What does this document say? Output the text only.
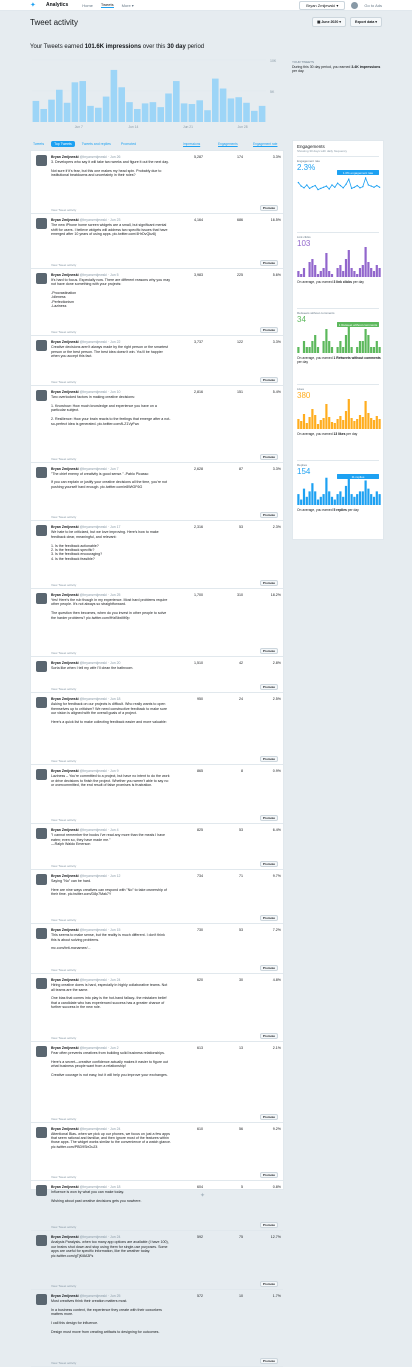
✦	Analytics	Home Tweets More ▾	Bryan Zmijewski ▾	Go to Ads
Tweet activity	▦ June 2020 ▾	Export data ▾
Your Tweets earned 101.6K impressions over this 30 day period
10K
5K
Jun 7	Jun 14	Jun 21	Jun 28
YOUR TWEETS
During this 30 day period, you earned 3.4K impressions per day.
Tweets	Top Tweets	Tweets and replies	Promoted	Impressions	Engagements	Engagement rate
Bryan Zmijewski @bryanzmijewski · Jun 26
3. Developers who say it will take two weeks and figure it out the next day.

Not sure if it's fear, but this one makes my head spin. Probably due to institutional beatdowns and uncertainty in their roles?
View Tweet activity
5,287	174	3.3%
Promote
Bryan Zmijewski @bryanzmijewski · Jun 23
The new iPhone home screen widgets are a small, but significant mental shift for users. I believe widgets will address two specific issues that have emerged after 10 years of using apps. pic.twitter.com/4HrDvQkz8j
View Tweet activity
4,164	686	16.5%
Promote
Bryan Zmijewski @bryanzmijewski · Jun 5
It's hard to focus. Especially now. There are different reasons why you may not have done something with your projects:

-Procrastination
-Idleness
-Perfectionism
-Laziness
View Tweet activity
3,983	225	5.6%
Promote
Bryan Zmijewski @bryanzmijewski · Jun 22
Creative decisions aren't always made by the right person or the smartest person or the best person. The best idea doesn't win. You'll be happier when you accept this fact.
View Tweet activity
3,737	122	3.3%
Promote
Bryan Zmijewski @bryanzmijewski · Jun 10
Two overlooked factors in making creative decisions:

1. Knowhow: How much knowledge and experience you have on a particular subject.

2. Resilience: How your brain reacts to the feelings that emerge after a not-so-perfect idea is generated. pic.twitter.com/tLZ1VyFwc
View Tweet activity
2,816	151	5.4%
Promote
Bryan Zmijewski @bryanzmijewski · Jun 7
"The chief enemy of creativity is good sense." -Pablo Picasso

If you can explain or justify your creative decisions all the time, you're not pushing yourself hard enough. pic.twitter.com/e8WtGF6G
View Tweet activity
2,628	87	3.3%
Promote
Bryan Zmijewski @bryanzmijewski · Jun 17
We hate to be criticized, but we love improving. Here's how to make feedback clear, meaningful, and relevant:

1. Is the feedback actionable?
2. Is the feedback specific?
3. Is the feedback encouraging?
4. Is the feedback feasible?
View Tweet activity
2,316	53	2.3%
Promote
Bryan Zmijewski @bryanzmijewski · Jun 25
Yes! Here's the rub though in my experience. Most hard problems require other people. It's not always so straightforward.

The question then becomes, when do you invest in other people to solve the harder problems? pic.twitter.com/fHzBbxMt9p
View Tweet activity
1,700	310	18.2%
Promote
Bryan Zmijewski @bryanzmijewski · Jun 20
Sorta like when I tell my wife I'll clean the bathroom.
View Tweet activity
1,510	42	2.8%
Promote
Bryan Zmijewski @bryanzmijewski · Jun 18
Asking for feedback on our projects is difficult. Who really wants to open themselves up to criticism? We need constructive feedback to make sure our vision is aligned with the overall goals of a project.

Here's a quick list to make collecting feedback easier and more valuable:
View Tweet activity
950	24	2.5%
Promote
Bryan Zmijewski @bryanzmijewski · Jun 9
Laziness – You're committed to a project, but have no intent to do the work or drive decisions to finish the project. Whether you weren't able to say no or overcommitted, the end result of false promises is frustration.
View Tweet activity
865	8	0.9%
Promote
Bryan Zmijewski @bryanzmijewski · Jun 4
"I cannot remember the books I've read any more than the meals I have eaten; even so, they have made me."
—Ralph Waldo Emerson
View Tweet activity
825	53	6.4%
Promote
Bryan Zmijewski @bryanzmijewski · Jun 12
Saying "No" can be hard.

Here are nine ways creatives can respond with "No" to take ownership of their time. pic.twitter.com/D8p7Mak7Y
View Tweet activity
734	71	9.7%
Promote
Bryan Zmijewski @bryanzmijewski · Jun 15
This seems to make sense, but the reality is much different. I don't think this is about solving problems.

mc.com/brit-mcnamee/...
View Tweet activity
730	53	7.2%
Promote
Bryan Zmijewski @bryanzmijewski · Jun 24
Hiring creative doers is hard, especially in highly collaborative teams. Not all teams are the same.

One bias that comes into play is the hot-hand fallacy- the mistaken belief that a candidate who has experienced success has a greater chance of further success in the new role.
View Tweet activity
620	30	4.8%
Promote
Bryan Zmijewski @bryanzmijewski · Jun 2
Fear often prevents creatives from building solid business relationships.

Here's a secret—creative confidence actually makes it easier to figure out what business people want from a relationship!

Creative courage is not easy, but it will help you improve your exchanges.
View Tweet activity
613	13	2.1%
Promote
Bryan Zmijewski @bryanzmijewski · Jun 24
Attentional Bias- when we pick up our phones, we focus on just a few apps that seem rational and familiar, and then ignore most of the features within those apps. The widget works similar to the convenience of a watch glance. pic.twitter.com/PBD9SbOuZ4
View Tweet activity
610	56	9.2%
Promote
Bryan Zmijewski @bryanzmijewski · Jun 18
Influence is won by what you can make today.

Wishing about past creative decisions gets you nowhere.
View Tweet activity
604	5	0.8%
Promote
Bryan Zmijewski @bryanzmijewski · Jun 24
Analysis Paralysis- when too many app options are available (I have 100), our brains shut down and stop using them for single-use purposes. Some apps are useful for specific information, like the weather today. pic.twitter.com/gTjKi8A3Fs
View Tweet activity
592	75	12.7%
Promote
Bryan Zmijewski @bryanzmijewski · Jun 25
Most creatives think their creation matters most.

In a business context, the experience they create with their coworkers matters more.

I call this design for influence.

Design must move from creating artifacts to designing for outcomes.
View Tweet activity
572	10	1.7%
Promote
Engagements
Showing 30 days with daily frequency
Engagement rate
2.3%
1.0% engagement rate
Link clicks
103
On average, you earned 3 link clicks per day
Retweets without comments
34
1 Retweet without comments
On average, you earned 1 Retweets without comments per day
Likes
380
On average, you earned 13 likes per day
Replies
154
11 replies
On average, you earned 5 replies per day
✦
